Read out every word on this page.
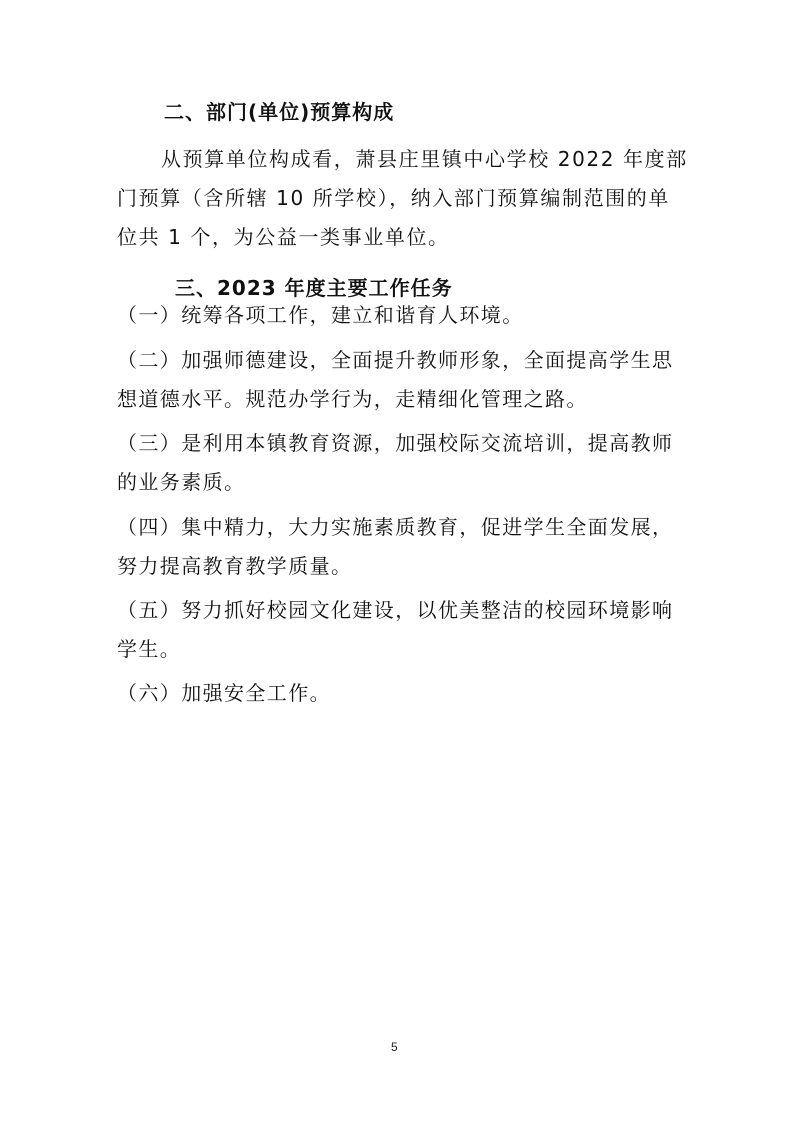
二、部门(单位)预算构成
从预算单位构成看，萧县庄里镇中心学校 2022 年度部
门预算（含所辖 10 所学校），纳入部门预算编制范围的单
位共 1 个，为公益一类事业单位。
三、2023 年度主要工作任务
（一）统筹各项工作，建立和谐育人环境。
（二）加强师德建设，全面提升教师形象，全面提高学生思
想道德水平。规范办学行为，走精细化管理之路。
（三）是利用本镇教育资源，加强校际交流培训，提高教师
的业务素质。
（四）集中精力，大力实施素质教育，促进学生全面发展，
努力提高教育教学质量。
（五）努力抓好校园文化建设，以优美整洁的校园环境影响
学生。
（六）加强安全工作。
5
